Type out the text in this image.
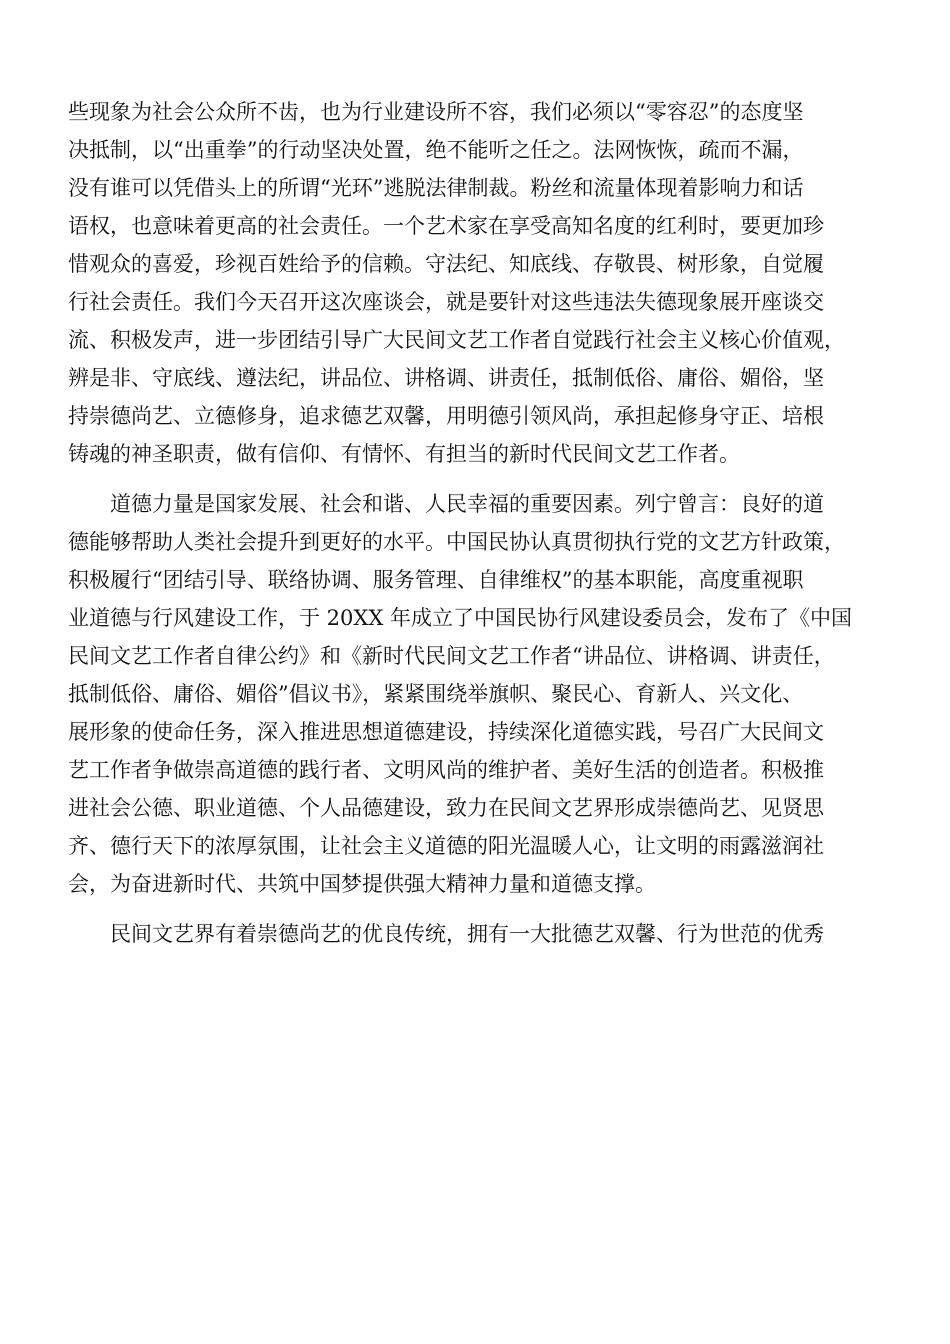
些现象为社会公众所不齿，也为行业建设所不容，我们必须以“零容忍”的态度坚
决抵制，以“出重拳”的行动坚决处置，绝不能听之任之。法网恢恢，疏而不漏，
没有谁可以凭借头上的所谓“光环”逃脱法律制裁。粉丝和流量体现着影响力和话
语权，也意味着更高的社会责任。一个艺术家在享受高知名度的红利时，要更加珍
惜观众的喜爱，珍视百姓给予的信赖。守法纪、知底线、存敬畏、树形象，自觉履
行社会责任。我们今天召开这次座谈会，就是要针对这些违法失德现象展开座谈交
流、积极发声，进一步团结引导广大民间文艺工作者自觉践行社会主义核心价值观，
辨是非、守底线、遵法纪，讲品位、讲格调、讲责任，抵制低俗、庸俗、媚俗，坚
持崇德尚艺、立德修身，追求德艺双馨，用明德引领风尚，承担起修身守正、培根
铸魂的神圣职责，做有信仰、有情怀、有担当的新时代民间文艺工作者。
　　道德力量是国家发展、社会和谐、人民幸福的重要因素。列宁曾言：良好的道
德能够帮助人类社会提升到更好的水平。中国民协认真贯彻执行党的文艺方针政策，
积极履行“团结引导、联络协调、服务管理、自律维权”的基本职能，高度重视职
业道德与行风建设工作，于 20XX 年成立了中国民协行风建设委员会，发布了《中国
民间文艺工作者自律公约》和《新时代民间文艺工作者“讲品位、讲格调、讲责任，
抵制低俗、庸俗、媚俗”倡议书》，紧紧围绕举旗帜、聚民心、育新人、兴文化、
展形象的使命任务，深入推进思想道德建设，持续深化道德实践，号召广大民间文
艺工作者争做崇高道德的践行者、文明风尚的维护者、美好生活的创造者。积极推
进社会公德、职业道德、个人品德建设，致力在民间文艺界形成崇德尚艺、见贤思
齐、德行天下的浓厚氛围，让社会主义道德的阳光温暖人心，让文明的雨露滋润社
会，为奋进新时代、共筑中国梦提供强大精神力量和道德支撑。
　　民间文艺界有着崇德尚艺的优良传统，拥有一大批德艺双馨、行为世范的优秀
